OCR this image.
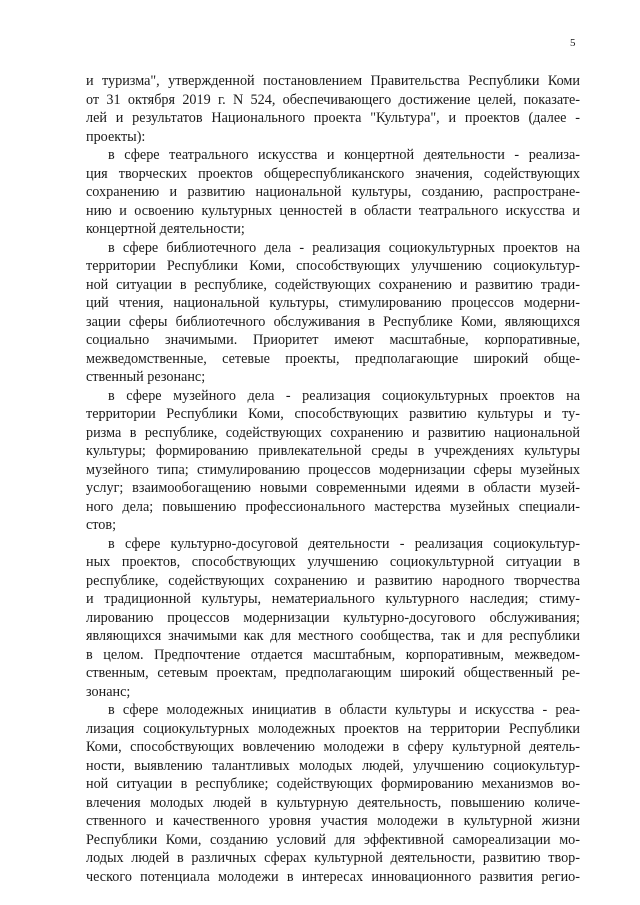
5
и туризма", утвержденной постановлением Правительства Республики Коми
от 31 октября 2019 г. N 524, обеспечивающего достижение целей, показате-
лей и результатов Национального проекта "Культура", и проектов (далее -
проекты):
в сфере театрального искусства и концертной деятельности - реализа-
ция творческих проектов общереспубликанского значения, содействующих
сохранению и развитию национальной культуры, созданию, распростране-
нию и освоению культурных ценностей в области театрального искусства и
концертной деятельности;
в сфере библиотечного дела - реализация социокультурных проектов на
территории Республики Коми, способствующих улучшению социокультур-
ной ситуации в республике, содействующих сохранению и развитию тради-
ций чтения, национальной культуры, стимулированию процессов модерни-
зации сферы библиотечного обслуживания в Республике Коми, являющихся
социально значимыми. Приоритет имеют масштабные, корпоративные,
межведомственные, сетевые проекты, предполагающие широкий обще-
ственный резонанс;
в сфере музейного дела - реализация социокультурных проектов на
территории Республики Коми, способствующих развитию культуры и ту-
ризма в республике, содействующих сохранению и развитию национальной
культуры; формированию привлекательной среды в учреждениях культуры
музейного типа; стимулированию процессов модернизации сферы музейных
услуг; взаимообогащению новыми современными идеями в области музей-
ного дела; повышению профессионального мастерства музейных специали-
стов;
в сфере культурно-досуговой деятельности - реализация социокультур-
ных проектов, способствующих улучшению социокультурной ситуации в
республике, содействующих сохранению и развитию народного творчества
и традиционной культуры, нематериального культурного наследия; стиму-
лированию процессов модернизации культурно-досугового обслуживания;
являющихся значимыми как для местного сообщества, так и для республики
в целом. Предпочтение отдается масштабным, корпоративным, межведом-
ственным, сетевым проектам, предполагающим широкий общественный ре-
зонанс;
в сфере молодежных инициатив в области культуры и искусства - реа-
лизация социокультурных молодежных проектов на территории Республики
Коми, способствующих вовлечению молодежи в сферу культурной деятель-
ности, выявлению талантливых молодых людей, улучшению социокультур-
ной ситуации в республике; содействующих формированию механизмов во-
влечения молодых людей в культурную деятельность, повышению количе-
ственного и качественного уровня участия молодежи в культурной жизни
Республики Коми, созданию условий для эффективной самореализации мо-
лодых людей в различных сферах культурной деятельности, развитию твор-
ческого потенциала молодежи в интересах инновационного развития регио-
